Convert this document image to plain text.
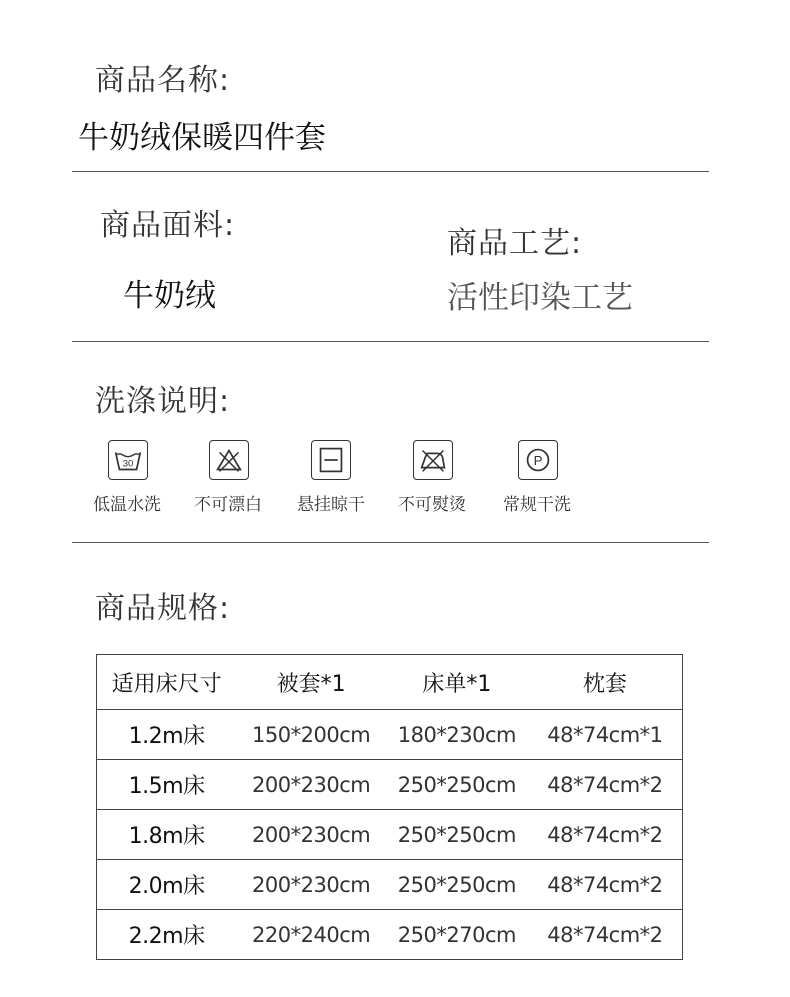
商品名称:
牛奶绒保暖四件套
商品面料:
牛奶绒
商品工艺:
活性印染工艺
洗涤说明:
30	P
低温水洗 不可漂白 悬挂晾干 不可熨烫 常规干洗
商品规格:
适用床尺寸	被套*1	床单*1	枕套
1.2m床	150*200cm	180*230cm	48*74cm*1
1.5m床	200*230cm	250*250cm	48*74cm*2
1.8m床	200*230cm	250*250cm	48*74cm*2
2.0m床	200*230cm	250*250cm	48*74cm*2
2.2m床	220*240cm	250*270cm	48*74cm*2
